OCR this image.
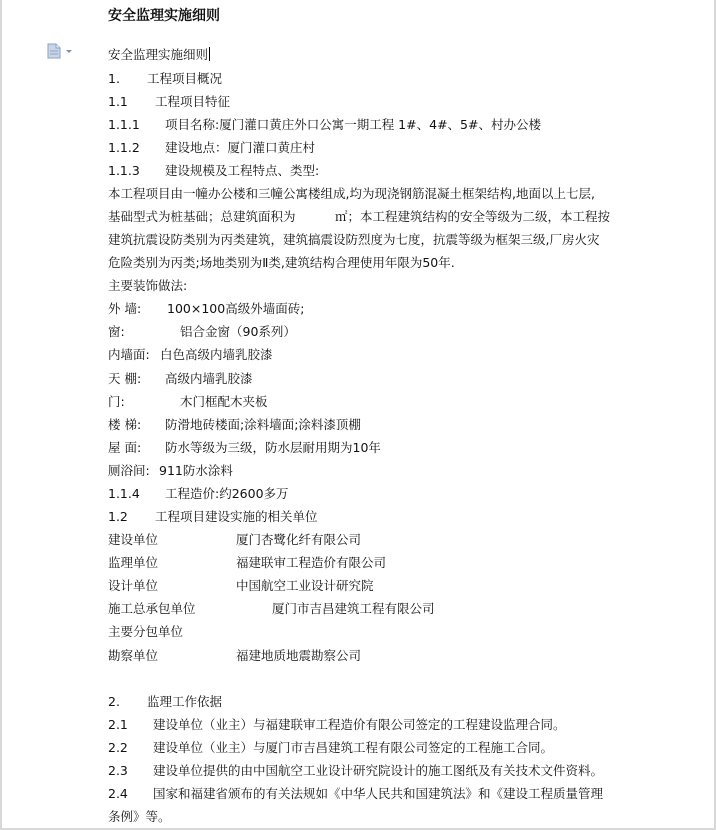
安全监理实施细则
安全监理实施细则
1. 工程项目概况
1.1 工程项目特征
1.1.1 项目名称:厦门灌口黄庄外口公寓一期工程 1#、4#、5#、村办公楼
1.1.2 建设地点：厦门灌口黄庄村
1.1.3 建设规模及工程特点、类型:
本工程项目由一幢办公楼和三幢公寓楼组成,均为现浇钢筋混凝土框架结构,地面以上七层,
基础型式为桩基础；总建筑面积为	㎡；本工程建筑结构的安全等级为二级，本工程按
建筑抗震设防类别为丙类建筑，建筑搞震设防烈度为七度，抗震等级为框架三级,厂房火灾
危险类别为丙类;场地类别为Ⅱ类,建筑结构合理使用年限为50年.
主要装饰做法:
外 墙: 100×100高级外墙面砖;
窗:	铝合金窗（90系列）
内墙面: 白色高级内墙乳胶漆
天 棚: 高级内墙乳胶漆
门:	木门框配木夹板
楼 梯: 防滑地砖楼面;涂料墙面;涂料漆顶棚
屋 面: 防水等级为三级，防水层耐用期为10年
厕浴间: 911防水涂料
1.1.4 工程造价:约2600多万
1.2 工程项目建设实施的相关单位
建设单位	厦门杏鹭化纤有限公司
监理单位	福建联审工程造价有限公司
设计单位	中国航空工业设计研究院
施工总承包单位	厦门市吉昌建筑工程有限公司
主要分包单位
勘察单位	福建地质地震勘察公司
2. 监理工作依据
2.1 建设单位（业主）与福建联审工程造价有限公司签定的工程建设监理合同。
2.2 建设单位（业主）与厦门市吉昌建筑工程有限公司签定的工程施工合同。
2.3 建设单位提供的由中国航空工业设计研究院设计的施工图纸及有关技术文件资料。
2.4 国家和福建省颁布的有关法规如《中华人民共和国建筑法》和《建设工程质量管理
条例》等。
